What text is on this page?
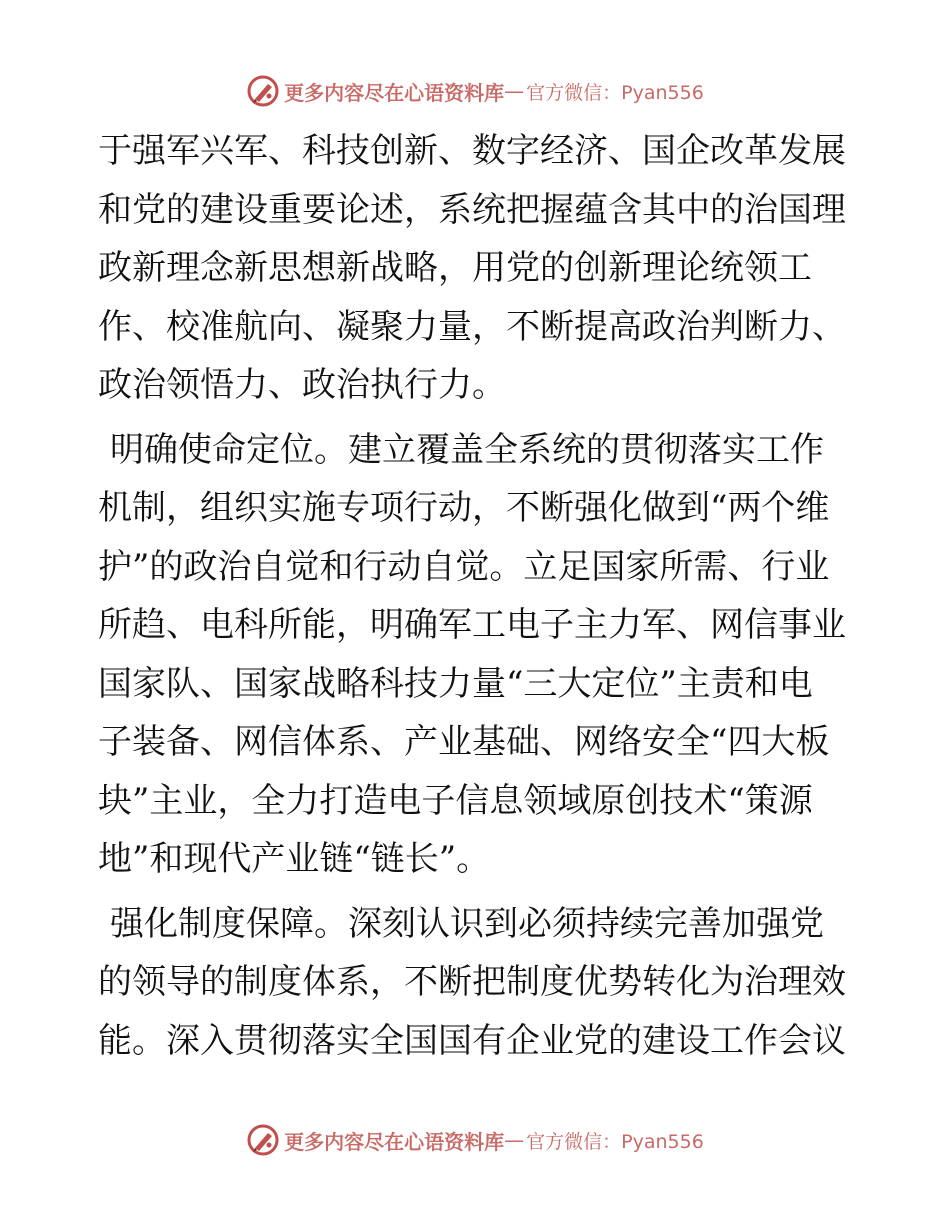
更多内容尽在心语资料库 — 官方微信：Pyan556
于强军兴军、科技创新、数字经济、国企改革发展
和党的建设重要论述，系统把握蕴含其中的治国理
政新理念新思想新战略，用党的创新理论统领工
作、校准航向、凝聚力量，不断提高政治判断力、
政治领悟力、政治执行力。
明确使命定位。建立覆盖全系统的贯彻落实工作
机制，组织实施专项行动，不断强化做到“两个维
护”的政治自觉和行动自觉。立足国家所需、行业
所趋、电科所能，明确军工电子主力军、网信事业
国家队、国家战略科技力量“三大定位”主责和电
子装备、网信体系、产业基础、网络安全“四大板
块”主业，全力打造电子信息领域原创技术“策源
地”和现代产业链“链长”。
强化制度保障。深刻认识到必须持续完善加强党
的领导的制度体系，不断把制度优势转化为治理效
能。深入贯彻落实全国国有企业党的建设工作会议
更多内容尽在心语资料库 — 官方微信：Pyan556
